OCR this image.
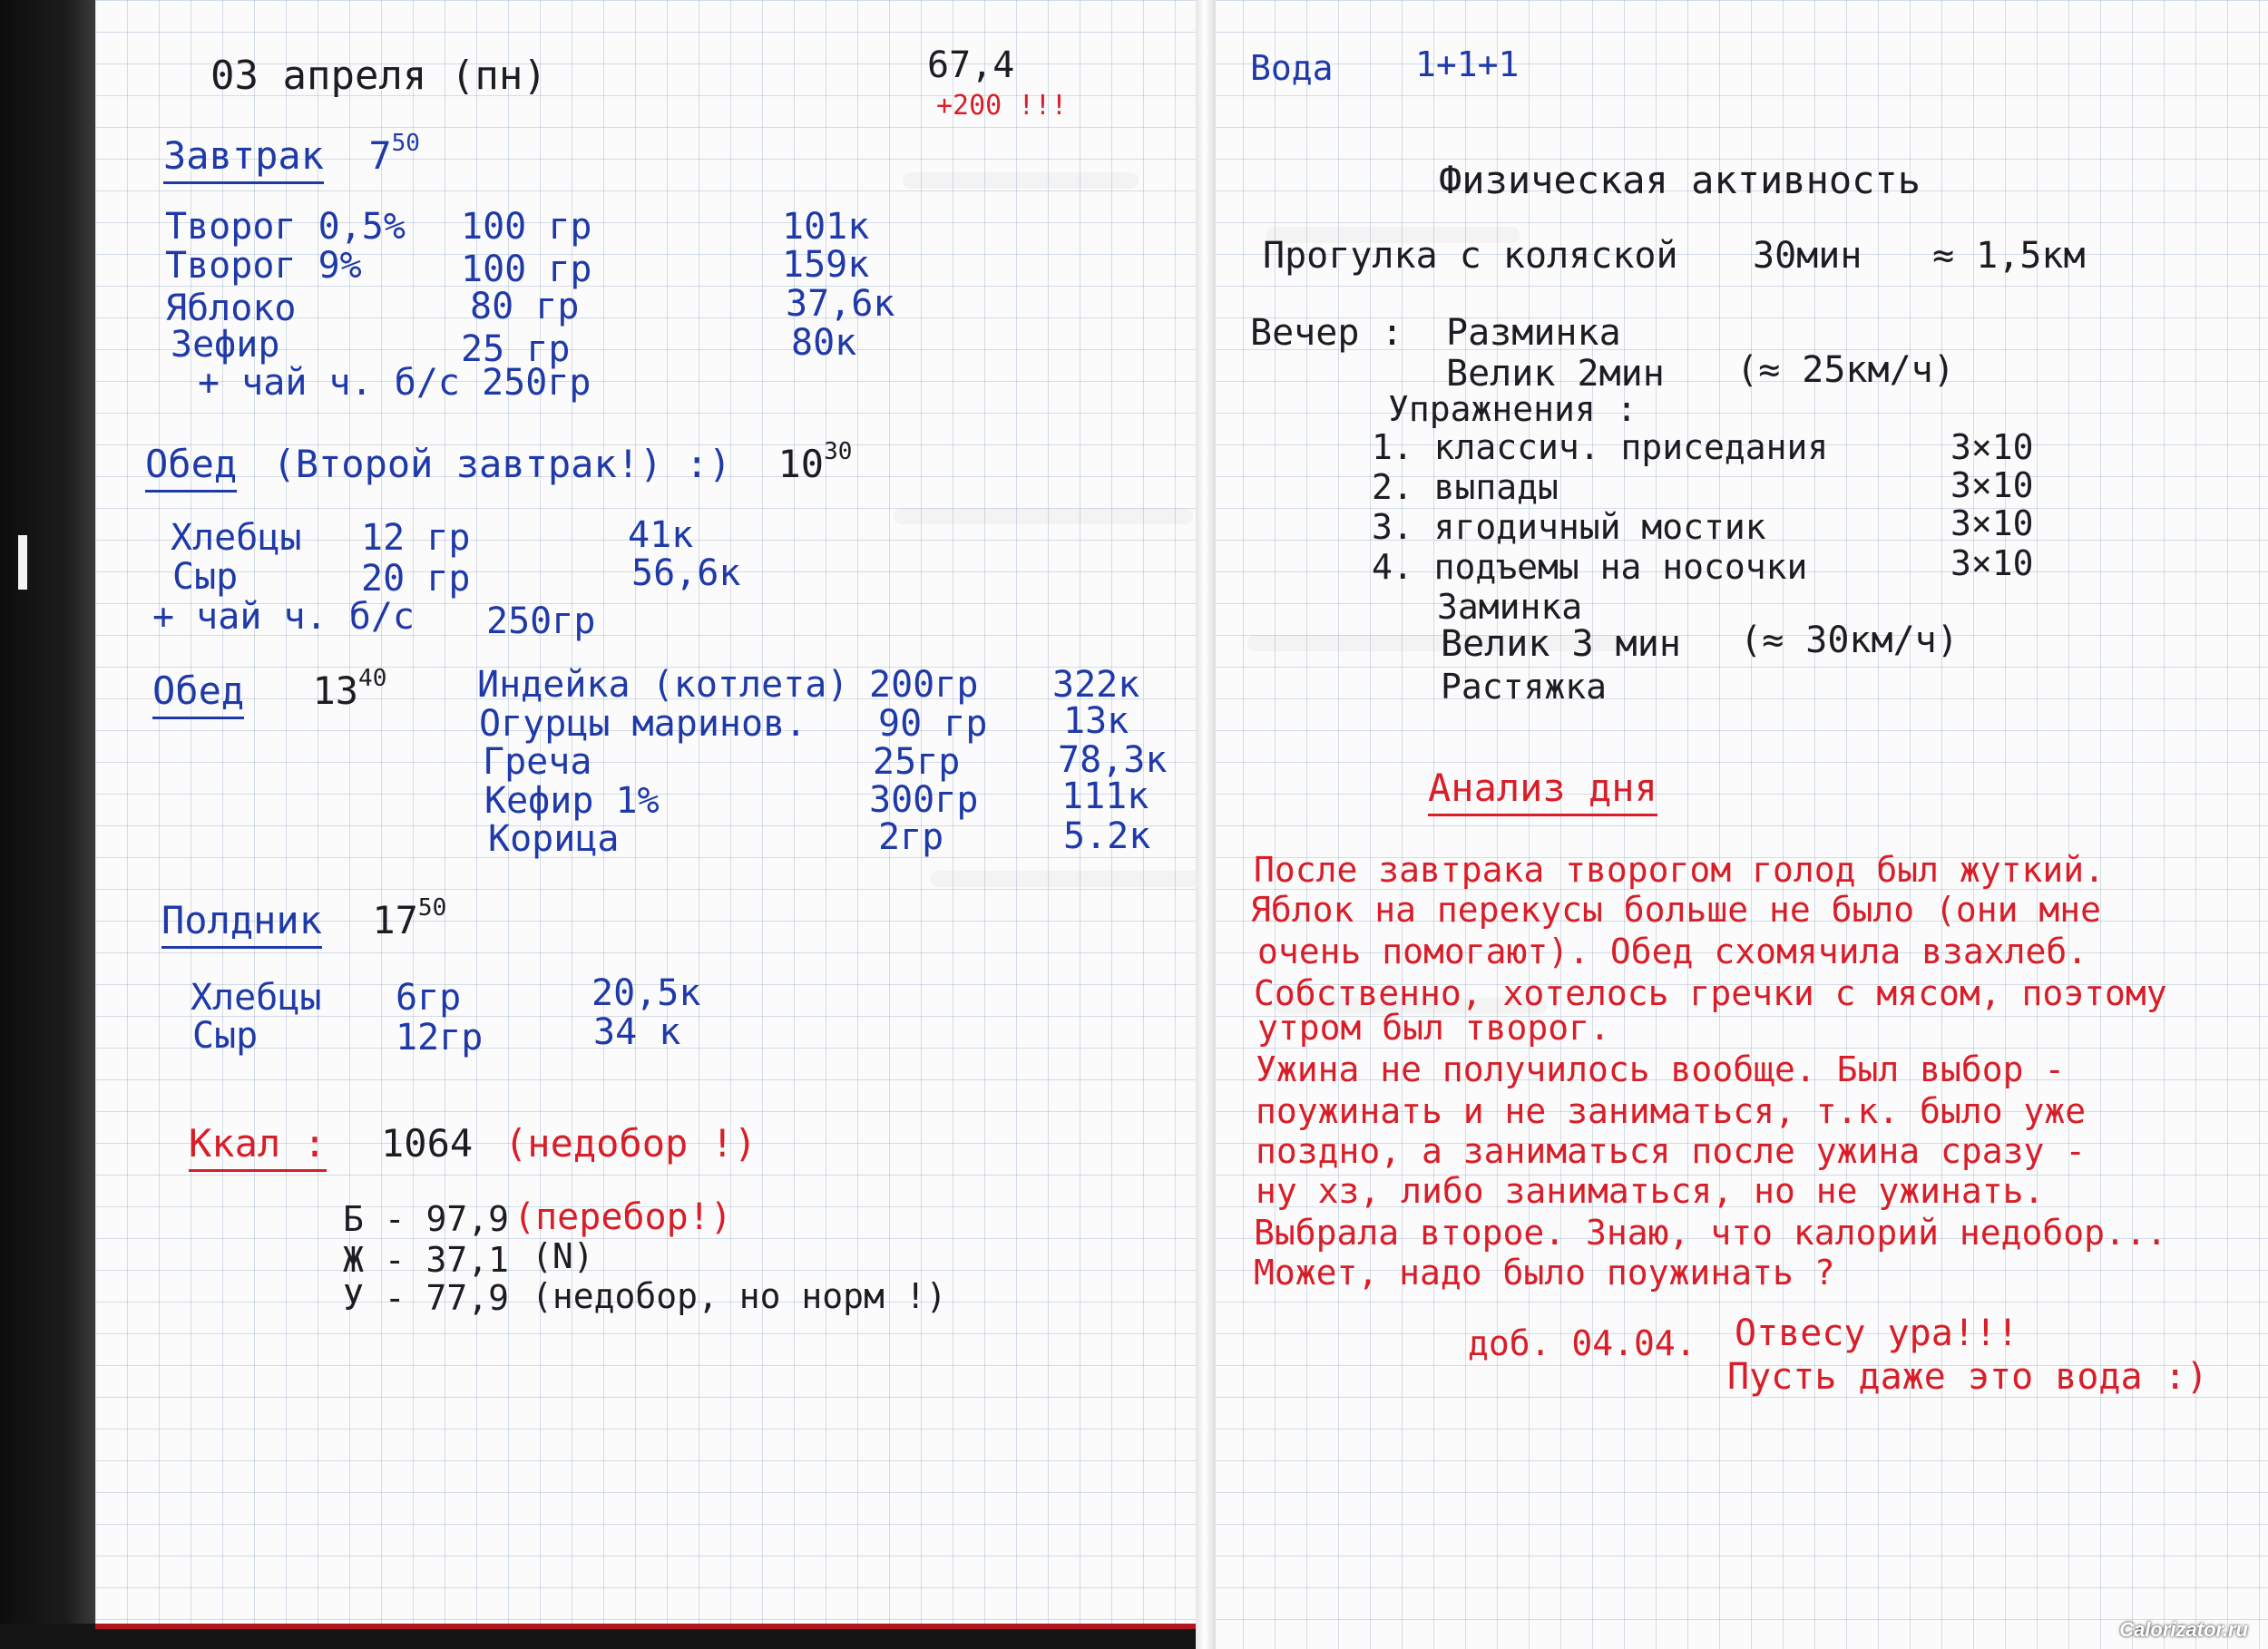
03 апреля (пн)	67,4
+200 !!!
Завтрак $7^{50}$
Творог 0,5% 100 гр	101к
Творог 9%	100 гр	159к
Яблоко	80 гр	37,6к
Зефир	25 гр	80к
+ чай ч. б/с 250гр
Обед (Второй завтрак!) :) $10^{30}$
Хлебцы 12 гр	41к
Сыр	20 гр	56,6к
+ чай ч. б/с 250гр
Обед $13^{40}$ Индейка (котлета) 200гр 322к
Огурцы маринов. 90 гр 13к
Греча	25гр	78,3к
Кефир 1%	300гр 111к
Корица	2гр	5.2к
Полдник $17^{50}$
Хлебцы 6гр	20,5к
Сыр	12гр	34 к
Ккал : 1064 (недобор !)
Б - 97,9 (перебор!)
Ж - 37,1 (N)
У - 77,9 (недобор, но норм !)
Вода 1+1+1
Физическая активность
Прогулка с коляской 30мин ≈ 1,5км
Вечер : Разминка
Велик 2мин (≈ 25км/ч)
Упражнения :
1. классич. приседания	3×10
2. выпады	3×10
3. ягодичный мостик	3×10
4. подъемы на носочки	3×10
Заминка
Велик 3 мин (≈ 30км/ч)
Растяжка
Анализ дня
После завтрака творогом голод был жуткий.
Яблок на перекусы больше не было (они мне
очень помогают). Обед схомячила взахлеб.
Собственно, хотелось гречки с мясом, поэтому
утром был творог.
Ужина не получилось вообще. Был выбор -
поужинать и не заниматься, т.к. было уже
поздно, а заниматься после ужина сразу -
ну хз, либо заниматься, но не ужинать.
Выбрала второе. Знаю, что калорий недобор...
Может, надо было поужинать ?
доб. 04.04. Отвесу ура!!!
Пусть даже это вода :)
Calorizator.ru
